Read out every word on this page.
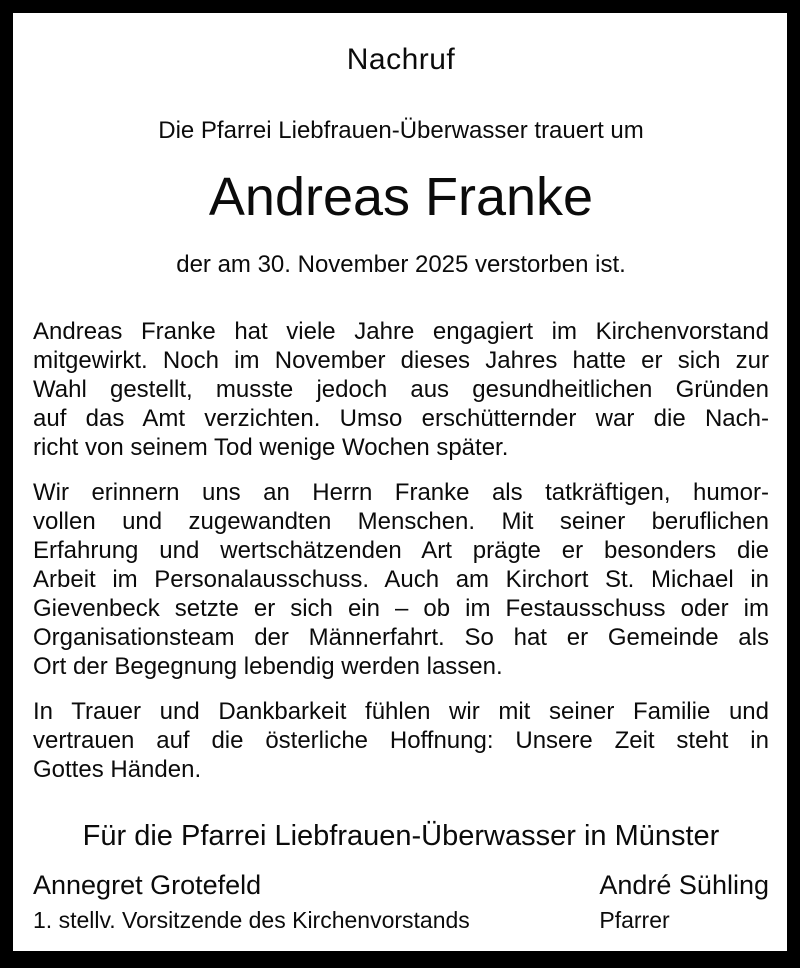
Nachruf

Die Pfarrei Liebfrauen-Überwasser trauert um

Andreas Franke

der am 30. November 2025 verstorben ist.

Andreas Franke hat viele Jahre engagiert im Kirchenvorstand
mitgewirkt. Noch im November dieses Jahres hatte er sich zur
Wahl gestellt, musste jedoch aus gesundheitlichen Gründen
auf das Amt verzichten. Umso erschütternder war die Nach-
richt von seinem Tod wenige Wochen später.
Wir erinnern uns an Herrn Franke als tatkräftigen, humor-
vollen und zugewandten Menschen. Mit seiner beruflichen
Erfahrung und wertschätzenden Art prägte er besonders die
Arbeit im Personalausschuss. Auch am Kirchort St. Michael in
Gievenbeck setzte er sich ein – ob im Festausschuss oder im
Organisationsteam der Männerfahrt. So hat er Gemeinde als
Ort der Begegnung lebendig werden lassen.
In Trauer und Dankbarkeit fühlen wir mit seiner Familie und
vertrauen auf die österliche Hoffnung: Unsere Zeit steht in
Gottes Händen.

Für die Pfarrei Liebfrauen-Überwasser in Münster

Annegret Grotefeld
1. stellv. Vorsitzende des Kirchenvorstands
André Sühling
Pfarrer
